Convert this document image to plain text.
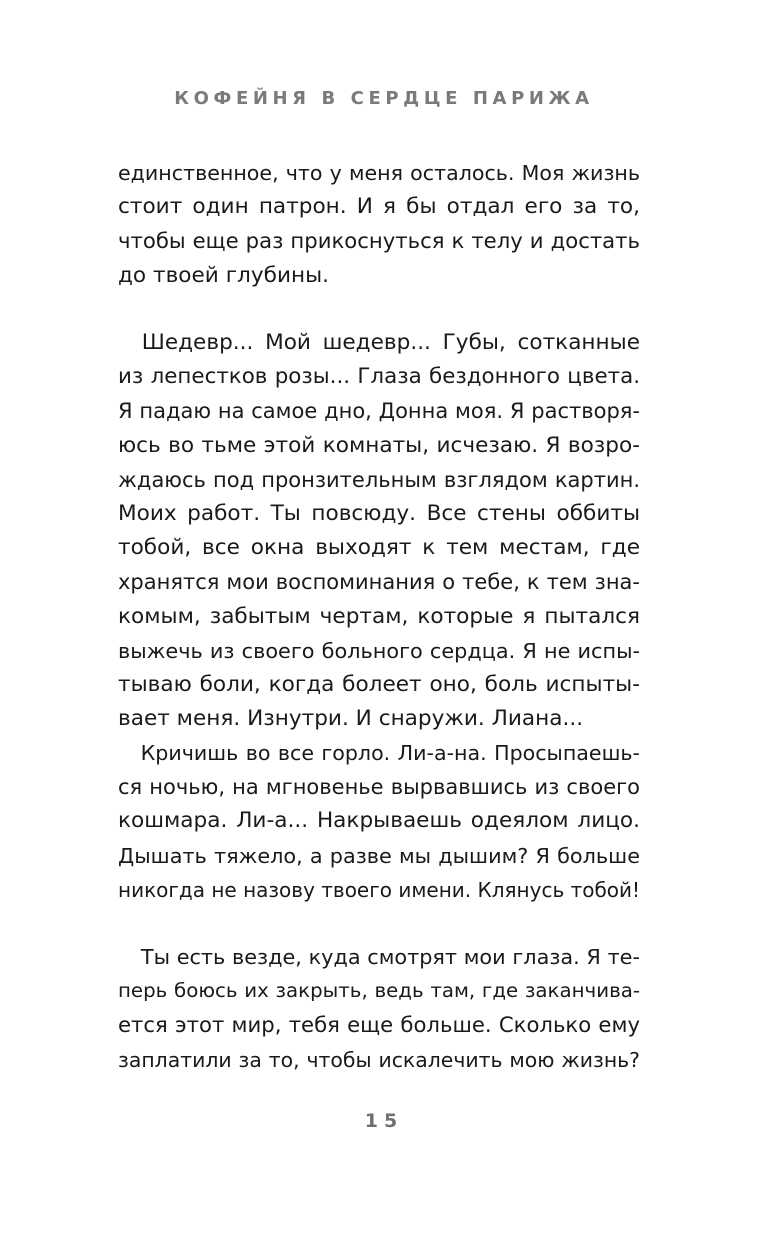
КОФЕЙНЯ В СЕРДЦЕ ПАРИЖА
единственное, что у меня осталось. Моя жизнь
стоит один патрон. И я бы отдал его за то,
чтобы еще раз прикоснуться к телу и достать
до твоей глубины.
Шедевр... Мой шедевр... Губы, сотканные
из лепестков розы... Глаза бездонного цвета.
Я падаю на самое дно, Донна моя. Я растворя-
юсь во тьме этой комнаты, исчезаю. Я возро-
ждаюсь под пронзительным взглядом картин.
Моих работ. Ты повсюду. Все стены оббиты
тобой, все окна выходят к тем местам, где
хранятся мои воспоминания о тебе, к тем зна-
комым, забытым чертам, которые я пытался
выжечь из своего больного сердца. Я не испы-
тываю боли, когда болеет оно, боль испыты-
вает меня. Изнутри. И снаружи. Лиана...
Кричишь во все горло. Ли-а-на. Просыпаешь-
ся ночью, на мгновенье вырвавшись из своего
кошмара. Ли-а... Накрываешь одеялом лицо.
Дышать тяжело, а разве мы дышим? Я больше
никогда не назову твоего имени. Клянусь тобой!
Ты есть везде, куда смотрят мои глаза. Я те-
перь боюсь их закрыть, ведь там, где заканчива-
ется этот мир, тебя еще больше. Сколько ему
заплатили за то, чтобы искалечить мою жизнь?
15
